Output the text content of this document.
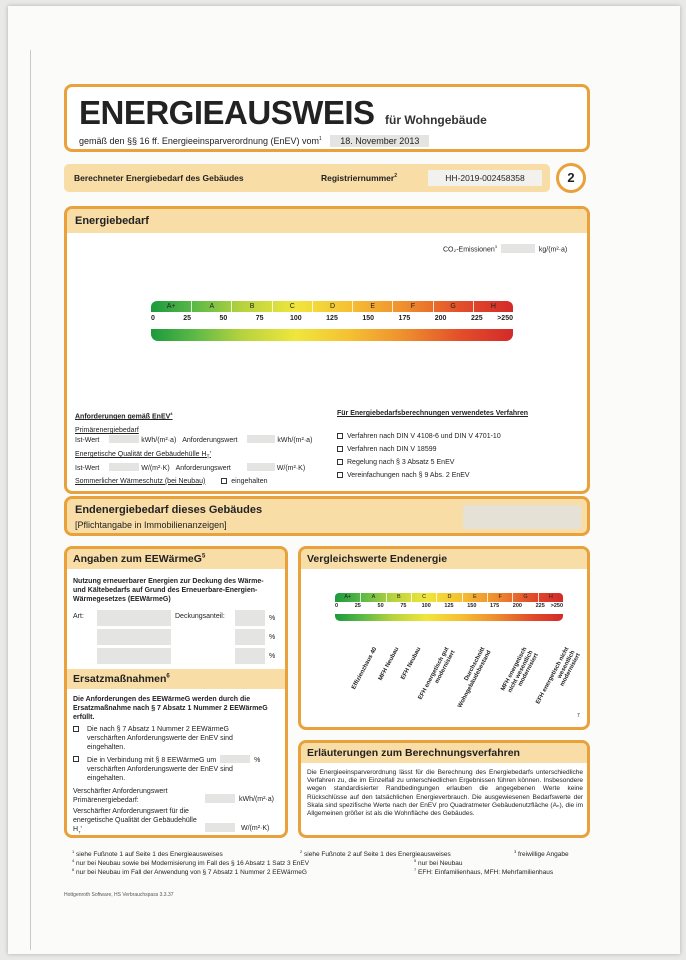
ENERGIEAUSWEIS für Wohngebäude
gemäß den §§ 16 ff. Energieeinsparverordnung (EnEV) vom$^1$ 18. November 2013
Berechneter Energiebedarf des Gebäudes	Registriernummer$^2$	HH-2019-002458358	2
Energiebedarf
CO₂-Emissionen$^3$	kg/(m²·a)
A+	A	B	C	D	E	F	G	H
0	25	50	75	100	125	150	175	200	225	>250
Anforderungen gemäß EnEV$^4$
Primärenergiebedarf
Ist-Wert	kWh/(m²·a) Anforderungswert	kWh/(m²·a)
Energetische Qualität der Gebäudehülle $H_T'$
Ist-Wert	W/(m²·K) Anforderungswert	W/(m²·K)
Sommerlicher Wärmeschutz (bei Neubau)	eingehalten
Für Energiebedarfsberechnungen verwendetes Verfahren
Verfahren nach DIN V 4108-6 und DIN V 4701-10
Verfahren nach DIN V 18599
Regelung nach § 3 Absatz 5 EnEV
Vereinfachungen nach § 9 Abs. 2 EnEV
Endenergiebedarf dieses Gebäudes
[Pflichtangabe in Immobilienanzeigen]
Angaben zum EEWärmeG$^5$
Nutzung erneuerbarer Energien zur Deckung des Wärme- und Kältebedarfs auf Grund des Erneuerbare-Energien-Wärmegesetzes (EEWärmeG)
Art:	Deckungsanteil:	%
%
%
Ersatzmaßnahmen$^6$
Die Anforderungen des EEWärmeG werden durch die Ersatzmaßnahme nach § 7 Absatz 1 Nummer 2 EEWärmeG erfüllt.
Die nach § 7 Absatz 1 Nummer 2 EEWärmeG verschärften Anforderungswerte der EnEV sind eingehalten.
Die in Verbindung mit § 8 EEWärmeG um	%
verschärften Anforderungswerte der EnEV sind eingehalten.
Verschärfter Anforderungswert Primärenergiebedarf:	kWh/(m²·a)
Verschärfter Anforderungswert für die energetische Qualität der Gebäudehülle $H_T'$	W/(m²·K)
Vergleichswerte Endenergie
A+	A	B	C	D	E	F	G	H
0	25	50	75	100	125	150	175	200	225	>250
Effizienzhaus 40 MFH Neubau EFH Neubau
EFH energetisch gut modernisiert	Durchschnitt Wohngebäudebestand	MFH energetisch nicht wesentlich modernisiert
EFH energetisch nicht wesentlich modernisiert
7
Erläuterungen zum Berechnungsverfahren
Die Energieeinsparverordnung lässt für die Berechnung des Energiebedarfs unterschiedliche Verfahren zu, die im Einzelfall zu unterschiedlichen Ergebnissen führen können. Insbesondere wegen standardisierter Randbedingungen erlauben die angegebenen Werte keine Rückschlüsse auf den tatsächlichen Energieverbrauch. Die ausgewiesenen Bedarfswerte der Skala sind spezifische Werte nach der EnEV pro Quadratmeter Gebäudenutzfläche (Aₙ), die im Allgemeinen größer ist als die Wohnfläche des Gebäudes.
$^1$ siehe Fußnote 1 auf Seite 1 des Energieausweises	$^2$ siehe Fußnote 2 auf Seite 1 des Energieausweises	$^3$ freiwillige Angabe
$^4$ nur bei Neubau sowie bei Modernisierung im Fall des § 16 Absatz 1 Satz 3 EnEV	$^5$ nur bei Neubau
$^6$ nur bei Neubau im Fall der Anwendung von § 7 Absatz 1 Nummer 2 EEWärmeG	$^7$ EFH: Einfamilienhaus, MFH: Mehrfamilienhaus
Hottgenroth Software, HS Verbrauchspass 3.3.37
